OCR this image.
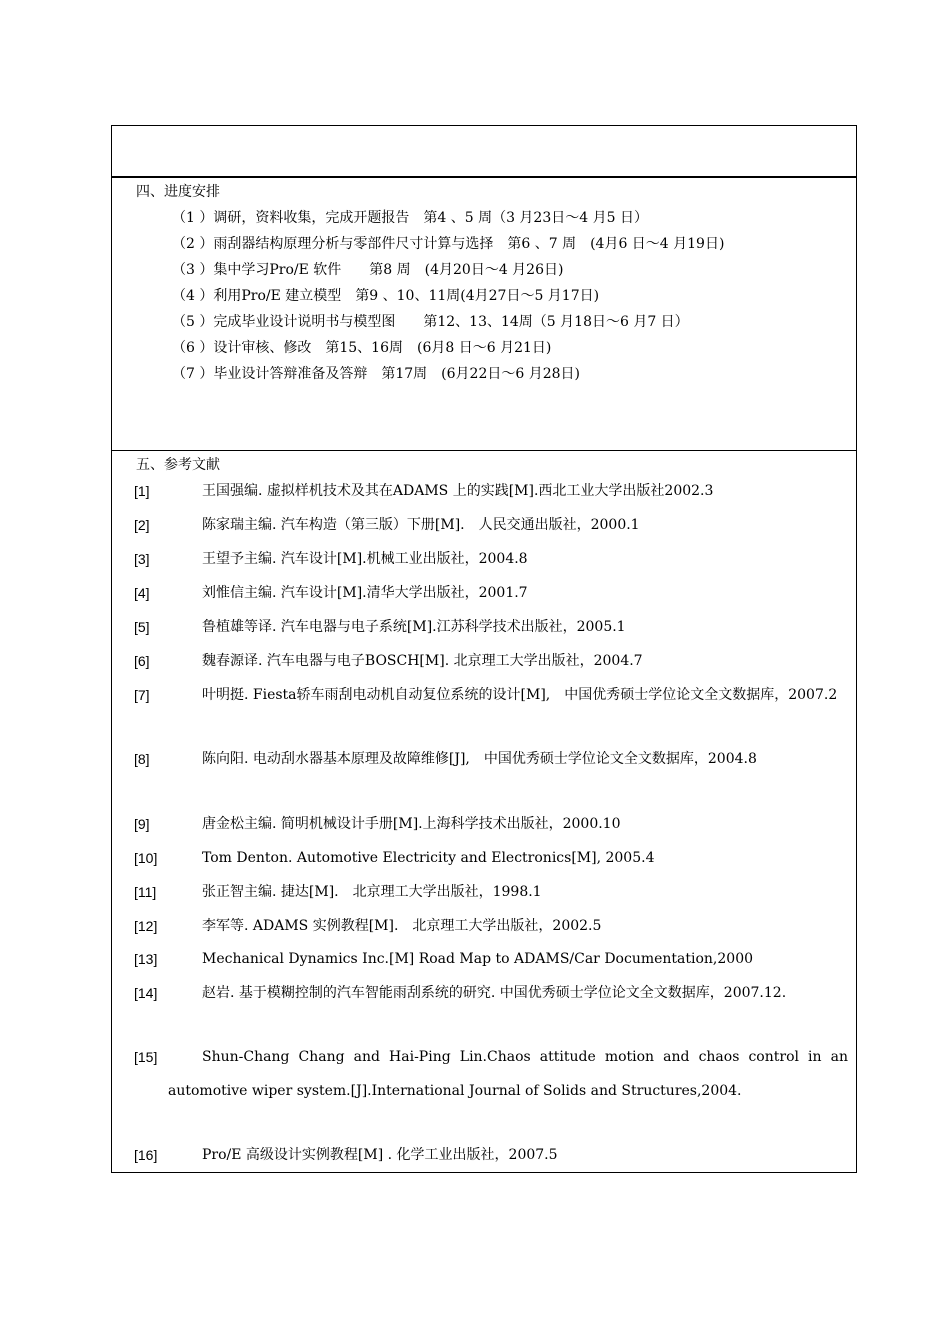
四、进度安排
（1 ）调研，资料收集，完成开题报告　第4 、5 周（3 月23日～4 月5 日）
（2 ）雨刮器结构原理分析与零部件尺寸计算与选择　第6 、7 周　(4月6 日～4 月19日)
（3 ）集中学习Pro/E 软件　　第8 周　(4月20日～4 月26日)
（4 ）利用Pro/E 建立模型　第9 、10、11周(4月27日～5 月17日)
（5 ）完成毕业设计说明书与模型图　　第12、13、14周（5 月18日～6 月7 日）
（6 ）设计审核、修改　第15、16周　(6月8 日～6 月21日)
（7 ）毕业设计答辩准备及答辩　第17周　(6月22日～6 月28日)
五、参考文献
[1]	王国强编. 虚拟样机技术及其在ADAMS 上的实践[M].西北工业大学出版社2002.3
[2]	陈家瑞主编. 汽车构造（第三版）下册[M].　人民交通出版社，2000.1
[3]	王望予主编. 汽车设计[M].机械工业出版社，2004.8
[4]	刘惟信主编. 汽车设计[M].清华大学出版社，2001.7
[5]	鲁植雄等译. 汽车电器与电子系统[M].江苏科学技术出版社，2005.1
[6]	魏春源译. 汽车电器与电子BOSCH[M]. 北京理工大学出版社，2004.7
[7]	叶明挺. Fiesta轿车雨刮电动机自动复位系统的设计[M],　中国优秀硕士学位论文全文数据库，2007.2
[8]	陈向阳. 电动刮水器基本原理及故障维修[J],　中国优秀硕士学位论文全文数据库，2004.8
[9]	唐金松主编. 简明机械设计手册[M].上海科学技术出版社，2000.10
[10]	Tom Denton. Automotive Electricity and Electronics[M], 2005.4
[11]	张正智主编. 捷达[M].　北京理工大学出版社，1998.1
[12]	李军等. ADAMS 实例教程[M].　北京理工大学出版社，2002.5
[13]	Mechanical Dynamics Inc.[M] Road Map to ADAMS/Car Documentation,2000
[14]	赵岩. 基于模糊控制的汽车智能雨刮系统的研究. 中国优秀硕士学位论文全文数据库，2007.12.
[15]	Shun-Chang Chang and Hai-Ping Lin.Chaos attitude motion and chaos control in an automotive wiper system.[J].International Journal of Solids and Structures,2004.
[16]	Pro/E 高级设计实例教程[M] . 化学工业出版社，2007.5
